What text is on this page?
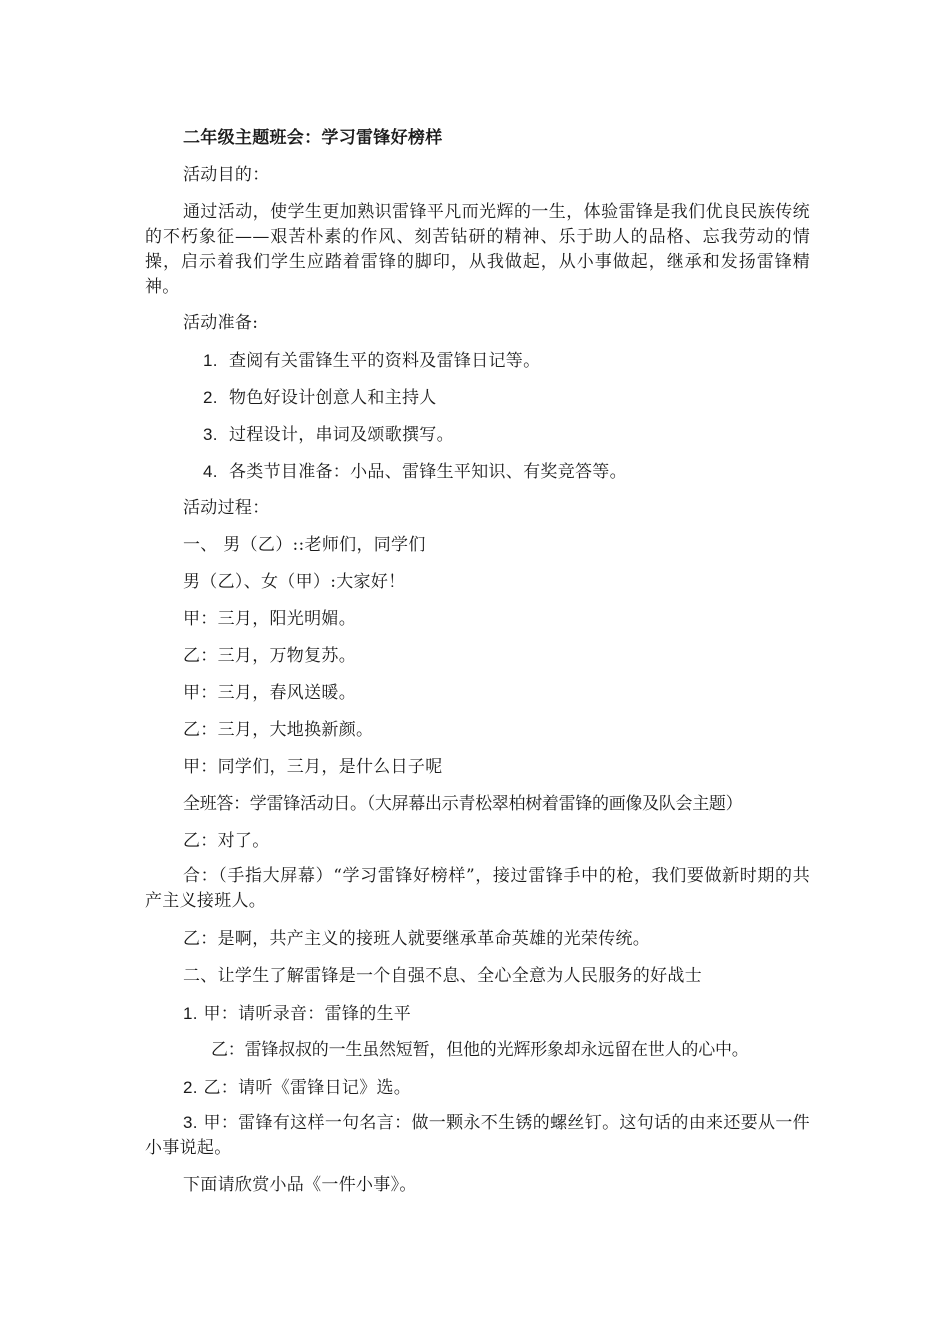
二年级主题班会：学习雷锋好榜样
活动目的：
通过活动，使学生更加熟识雷锋平凡而光辉的一生，体验雷锋是我们优良民族传统的不朽象征——艰苦朴素的作风、刻苦钻研的精神、乐于助人的品格、忘我劳动的情操，启示着我们学生应踏着雷锋的脚印，从我做起，从小事做起，继承和发扬雷锋精神。
活动准备:
1. 查阅有关雷锋生平的资料及雷锋日记等。
2. 物色好设计创意人和主持人
3. 过程设计，串词及颂歌撰写。
4. 各类节目准备：小品、雷锋生平知识、有奖竞答等。
活动过程：
一、 男（乙）::老师们，同学们
男（乙）、女（甲）:大家好！
甲：三月，阳光明媚。
乙：三月，万物复苏。
甲：三月，春风送暖。
乙：三月，大地换新颜。
甲：同学们，三月，是什么日子呢
全班答：学雷锋活动日。（大屏幕出示青松翠柏树着雷锋的画像及队会主题）
乙：对了。
合：（手指大屏幕）“学习雷锋好榜样”，接过雷锋手中的枪，我们要做新时期的共产主义接班人。
乙：是啊，共产主义的接班人就要继承革命英雄的光荣传统。
二、让学生了解雷锋是一个自强不息、全心全意为人民服务的好战士
1. 甲：请听录音：雷锋的生平
乙：雷锋叔叔的一生虽然短暂，但他的光辉形象却永远留在世人的心中。
2. 乙：请听《雷锋日记》选。
3. 甲：雷锋有这样一句名言：做一颗永不生锈的螺丝钉。这句话的由来还要从一件小事说起。
下面请欣赏小品《一件小事》。
